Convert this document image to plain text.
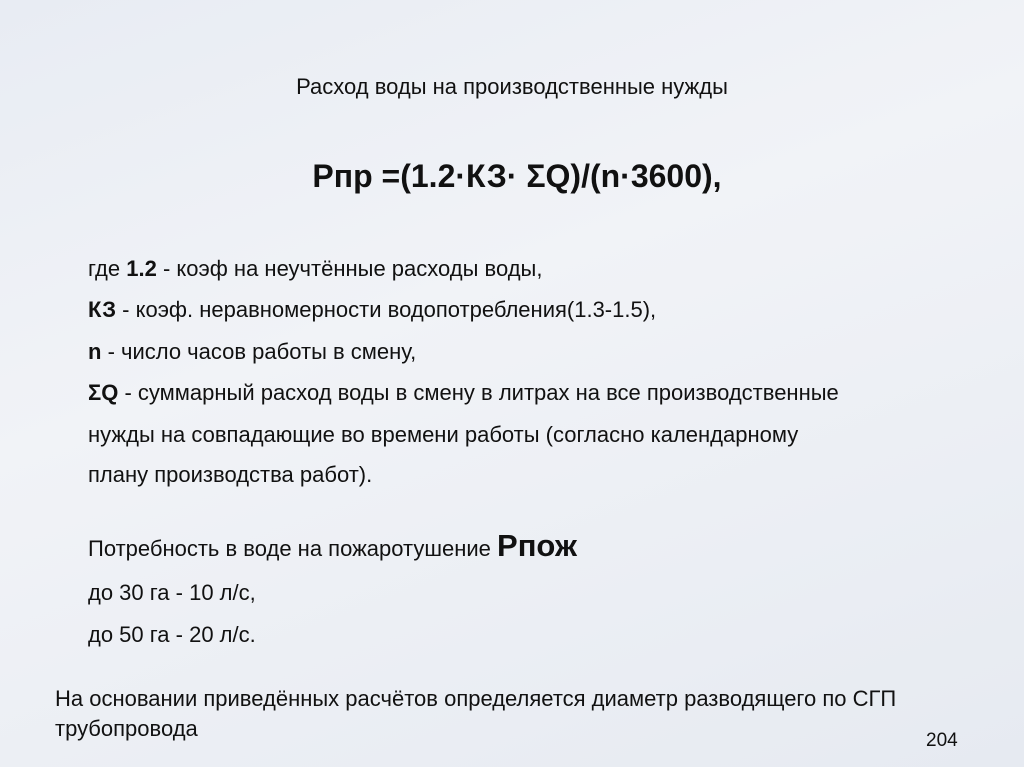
Расход воды на производственные нужды
Рпр =(1.2·КЗ· ΣQ)/(n·3600),
где 1.2 - коэф на неучтённые расходы воды,
КЗ - коэф. неравномерности водопотребления(1.3-1.5),
n - число часов работы в смену,
ΣQ - суммарный расход воды в смену в литрах на все производственные
нужды на совпадающие во времени работы (согласно календарному
плану производства работ).
Потребность в воде на пожаротушение Рпож
до 30 га - 10 л/с,
до 50 га - 20 л/с.
На основании приведённых расчётов определяется диаметр разводящего по СГП трубопровода	204
